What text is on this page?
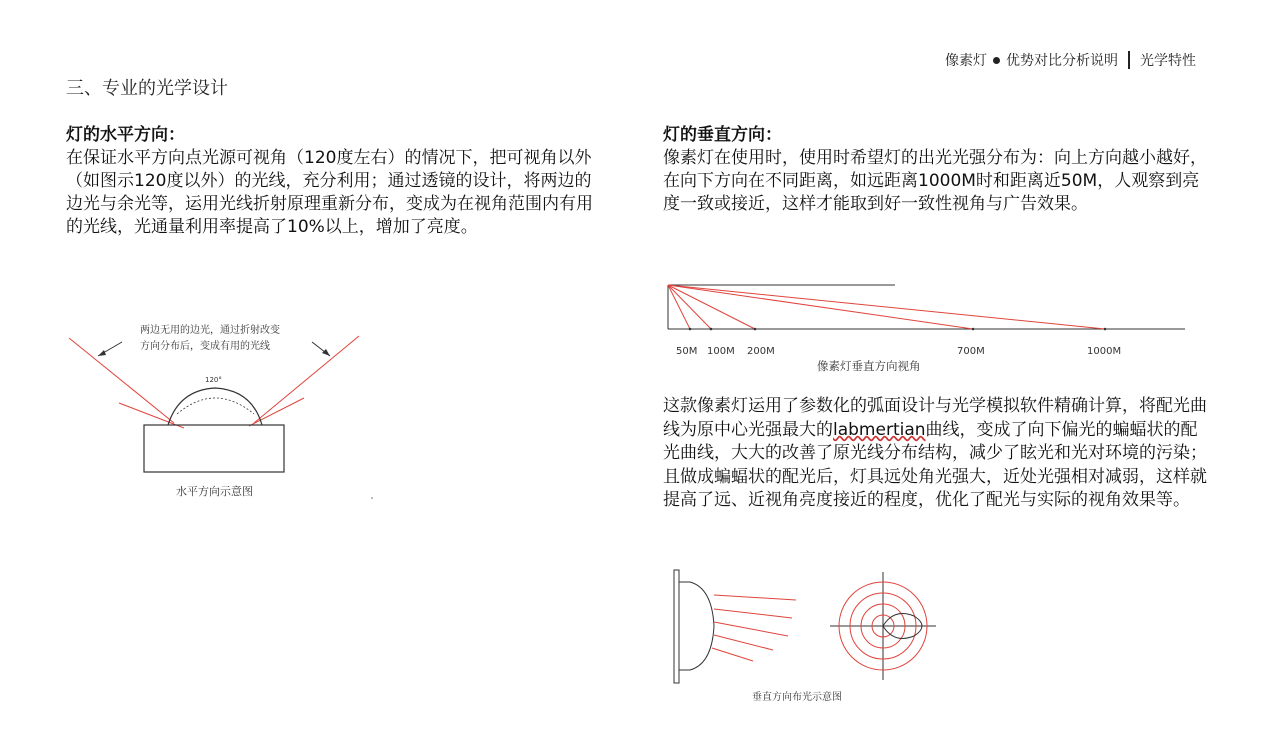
像素灯 优势对比分析说明 光学特性
三、专业的光学设计

灯的水平方向：

在保证水平方向点光源可视角（120度左右）的情况下，把可视角以外（如图示120度以外）的光线，充分利用；通过透镜的设计，将两边的边光与余光等，运用光线折射原理重新分布，变成为在视角范围内有用的光线，光通量利用率提高了10%以上，增加了亮度。

两边无用的边光，通过折射改变
方向分布后，变成有用的光线
120°
水平方向示意图

灯的垂直方向：

像素灯在使用时，使用时希望灯的出光光强分布为：向上方向越小越好，在向下方向在不同距离，如远距离1000M时和距离近50M，人观察到亮度一致或接近，这样才能取到好一致性视角与广告效果。

50M 100M 200M	700M	1000M
像素灯垂直方向视角

这款像素灯运用了参数化的弧面设计与光学模拟软件精确计算，将配光曲线为原中心光强最大的labmertian曲线，变成了向下偏光的蝙蝠状的配光曲线，大大的改善了原光线分布结构，减少了眩光和光对环境的污染；且做成蝙蝠状的配光后，灯具远处角光强大，近处光强相对减弱，这样就提高了远、近视角亮度接近的程度，优化了配光与实际的视角效果等。

垂直方向布光示意图
